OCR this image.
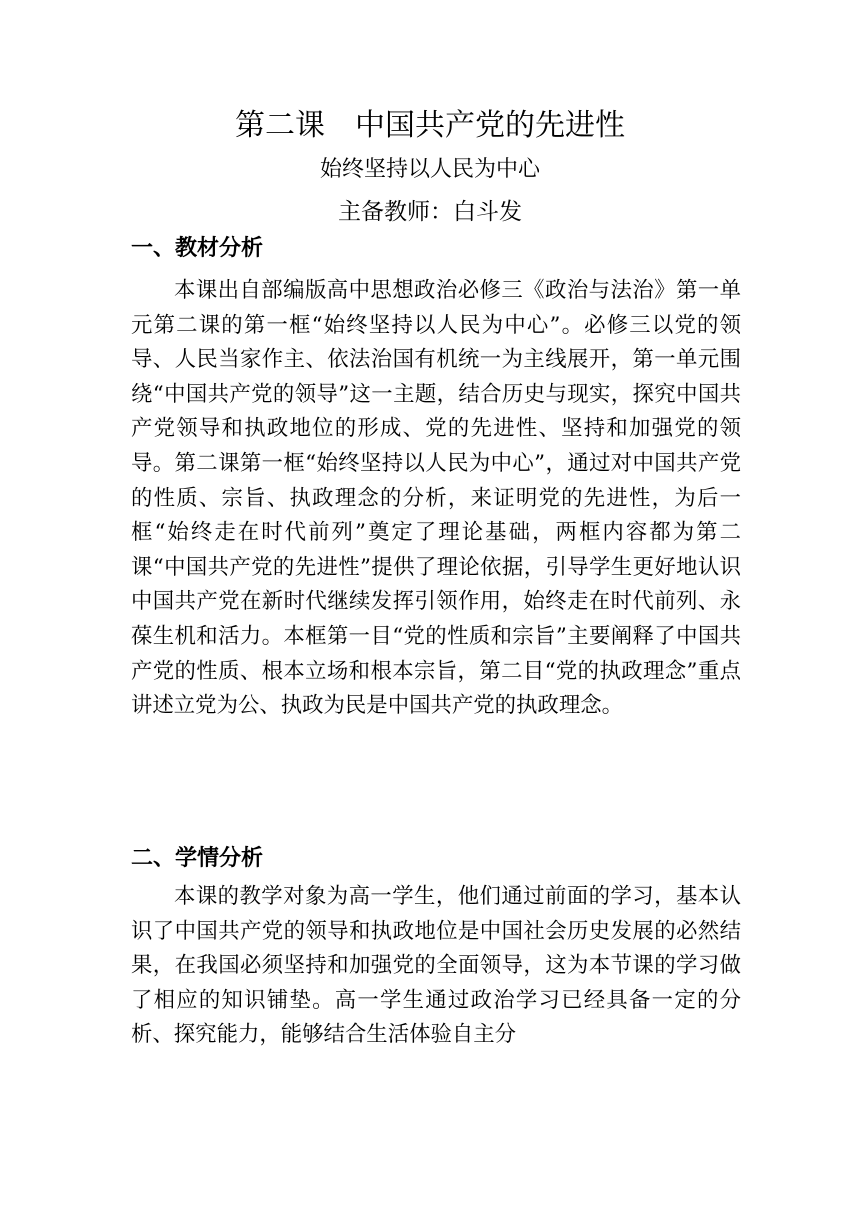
第二课　中国共产党的先进性
始终坚持以人民为中心
主备教师：白斗发
一、教材分析

本课出自部编版高中思想政治必修三《政治与法治》第一单元第二课的第一框“始终坚持以人民为中心”。必修三以党的领导、人民当家作主、依法治国有机统一为主线展开，第一单元围绕“中国共产党的领导”这一主题，结合历史与现实，探究中国共产党领导和执政地位的形成、党的先进性、坚持和加强党的领导。第二课第一框“始终坚持以人民为中心”，通过对中国共产党的性质、宗旨、执政理念的分析，来证明党的先进性，为后一框“始终走在时代前列”奠定了理论基础，两框内容都为第二课“中国共产党的先进性”提供了理论依据，引导学生更好地认识中国共产党在新时代继续发挥引领作用，始终走在时代前列、永葆生机和活力。本框第一目“党的性质和宗旨”主要阐释了中国共产党的性质、根本立场和根本宗旨，第二目“党的执政理念”重点讲述立党为公、执政为民是中国共产党的执政理念。

二、学情分析

本课的教学对象为高一学生，他们通过前面的学习，基本认识了中国共产党的领导和执政地位是中国社会历史发展的必然结果，在我国必须坚持和加强党的全面领导，这为本节课的学习做了相应的知识铺垫。高一学生通过政治学习已经具备一定的分析、探究能力，能够结合生活体验自主分
